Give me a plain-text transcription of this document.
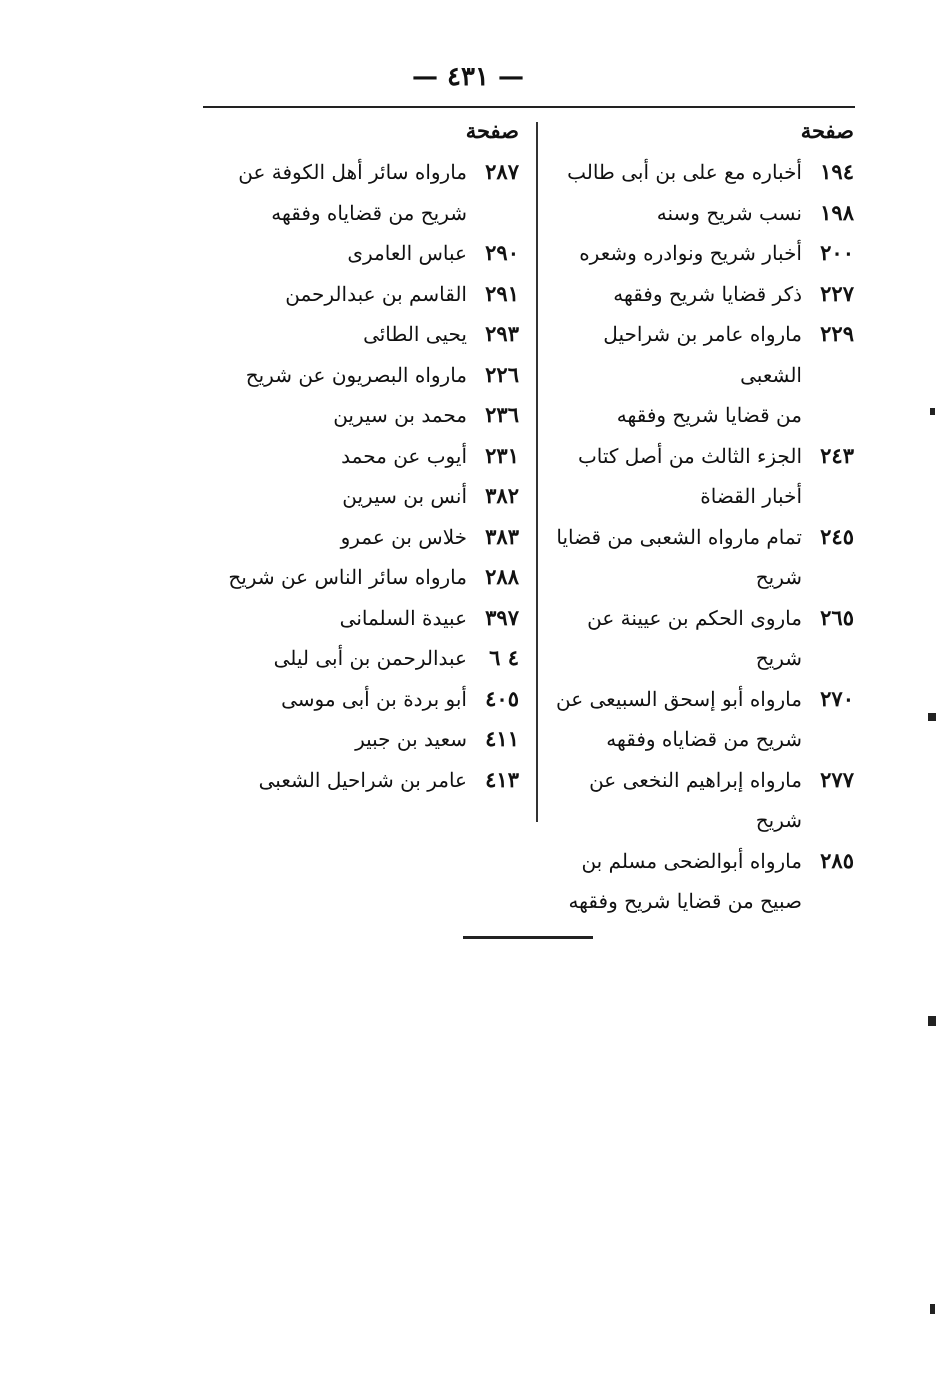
— ٤٣١ —
صفحة
١٩٤
أخباره مع على بن أبى طالب
١٩٨
نسب شريح وسنه
٢٠٠
أخبار شريح ونوادره وشعره
٢٢٧
ذكر قضايا شريح وفقهه
٢٢٩
مارواه عامر بن شراحيل الشعبى
من قضايا شريح وفقهه
٢٤٣
الجزء الثالث من أصل كتاب
أخبار القضاة
٢٤٥
تمام مارواه الشعبى من قضايا
شريح
٢٦٥
ماروى الحكم بن عيينة عن شريح
٢٧٠
مارواه أبو إسحق السبيعى عن
شريح من قضاياه وفقهه
٢٧٧
مارواه إبراهيم النخعى عن شريح
٢٨٥
مارواه أبوالضحى مسلم بن
صبيح من قضايا شريح وفقهه
صفحة
٢٨٧
مارواه سائر أهل الكوفة عن
شريح من قضاياه وفقهه
٢٩٠
عباس العامرى
٢٩١
القاسم بن عبدالرحمن
٢٩٣
يحيى الطائى
٢٢٦
مارواه البصريون عن شريح
٢٣٦
محمد بن سيرين
٢٣١
أيوب عن محمد
٣٨٢
أنس بن سيرين
٣٨٣
خلاس بن عمرو
٢٨٨
مارواه سائر الناس عن شريح
٣٩٧
عبيدة السلمانى
٤ ٦
عبدالرحمن بن أبى ليلى
٤٠٥
أبو بردة بن أبى موسى
٤١١
سعيد بن جبير
٤١٣
عامر بن شراحيل الشعبى
